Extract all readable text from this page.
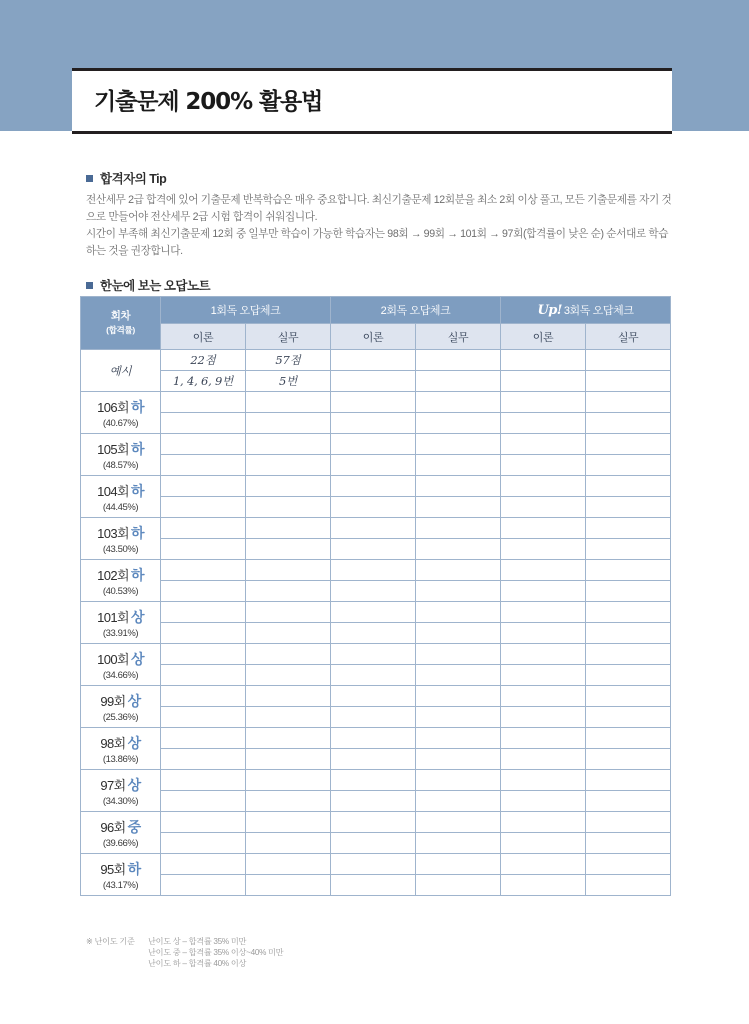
기출문제 200% 활용법
합격자의 Tip
전산세무 2급 합격에 있어 기출문제 반복학습은 매우 중요합니다. 최신기출문제 12회분을 최소 2회 이상 풀고, 모든 기출문제를 자기 것으로 만들어야 전산세무 2급 시험 합격이 쉬워집니다.
시간이 부족해 최신기출문제 12회 중 일부만 학습이 가능한 학습자는 98회 → 99회 → 101회 → 97회(합격률이 낮은 순) 순서대로 학습하는 것을 권장합니다.
한눈에 보는 오답노트
회차
(합격률)	1회독 오답체크		2회독 오답체크		Up! 3회독 오답체크	
	이론	실무	이론	실무	이론	실무
예시	22점	57점				
	1, 4, 6, 9번	5번				
106회 하
(40.67%)						

105회 하
(48.57%)						

104회 하
(44.45%)						

103회 하
(43.50%)						

102회 하
(40.53%)						

101회 상
(33.91%)						

100회 상
(34.66%)						

99회 상
(25.36%)						

98회 상
(13.86%)						

97회 상
(34.30%)						

96회 중
(39.66%)						

95회 하
(43.17%)						

※ 난이도 기준 난이도 상 – 합격률 35% 미만
난이도 중 – 합격률 35% 이상~40% 미만
난이도 하 – 합격률 40% 이상
